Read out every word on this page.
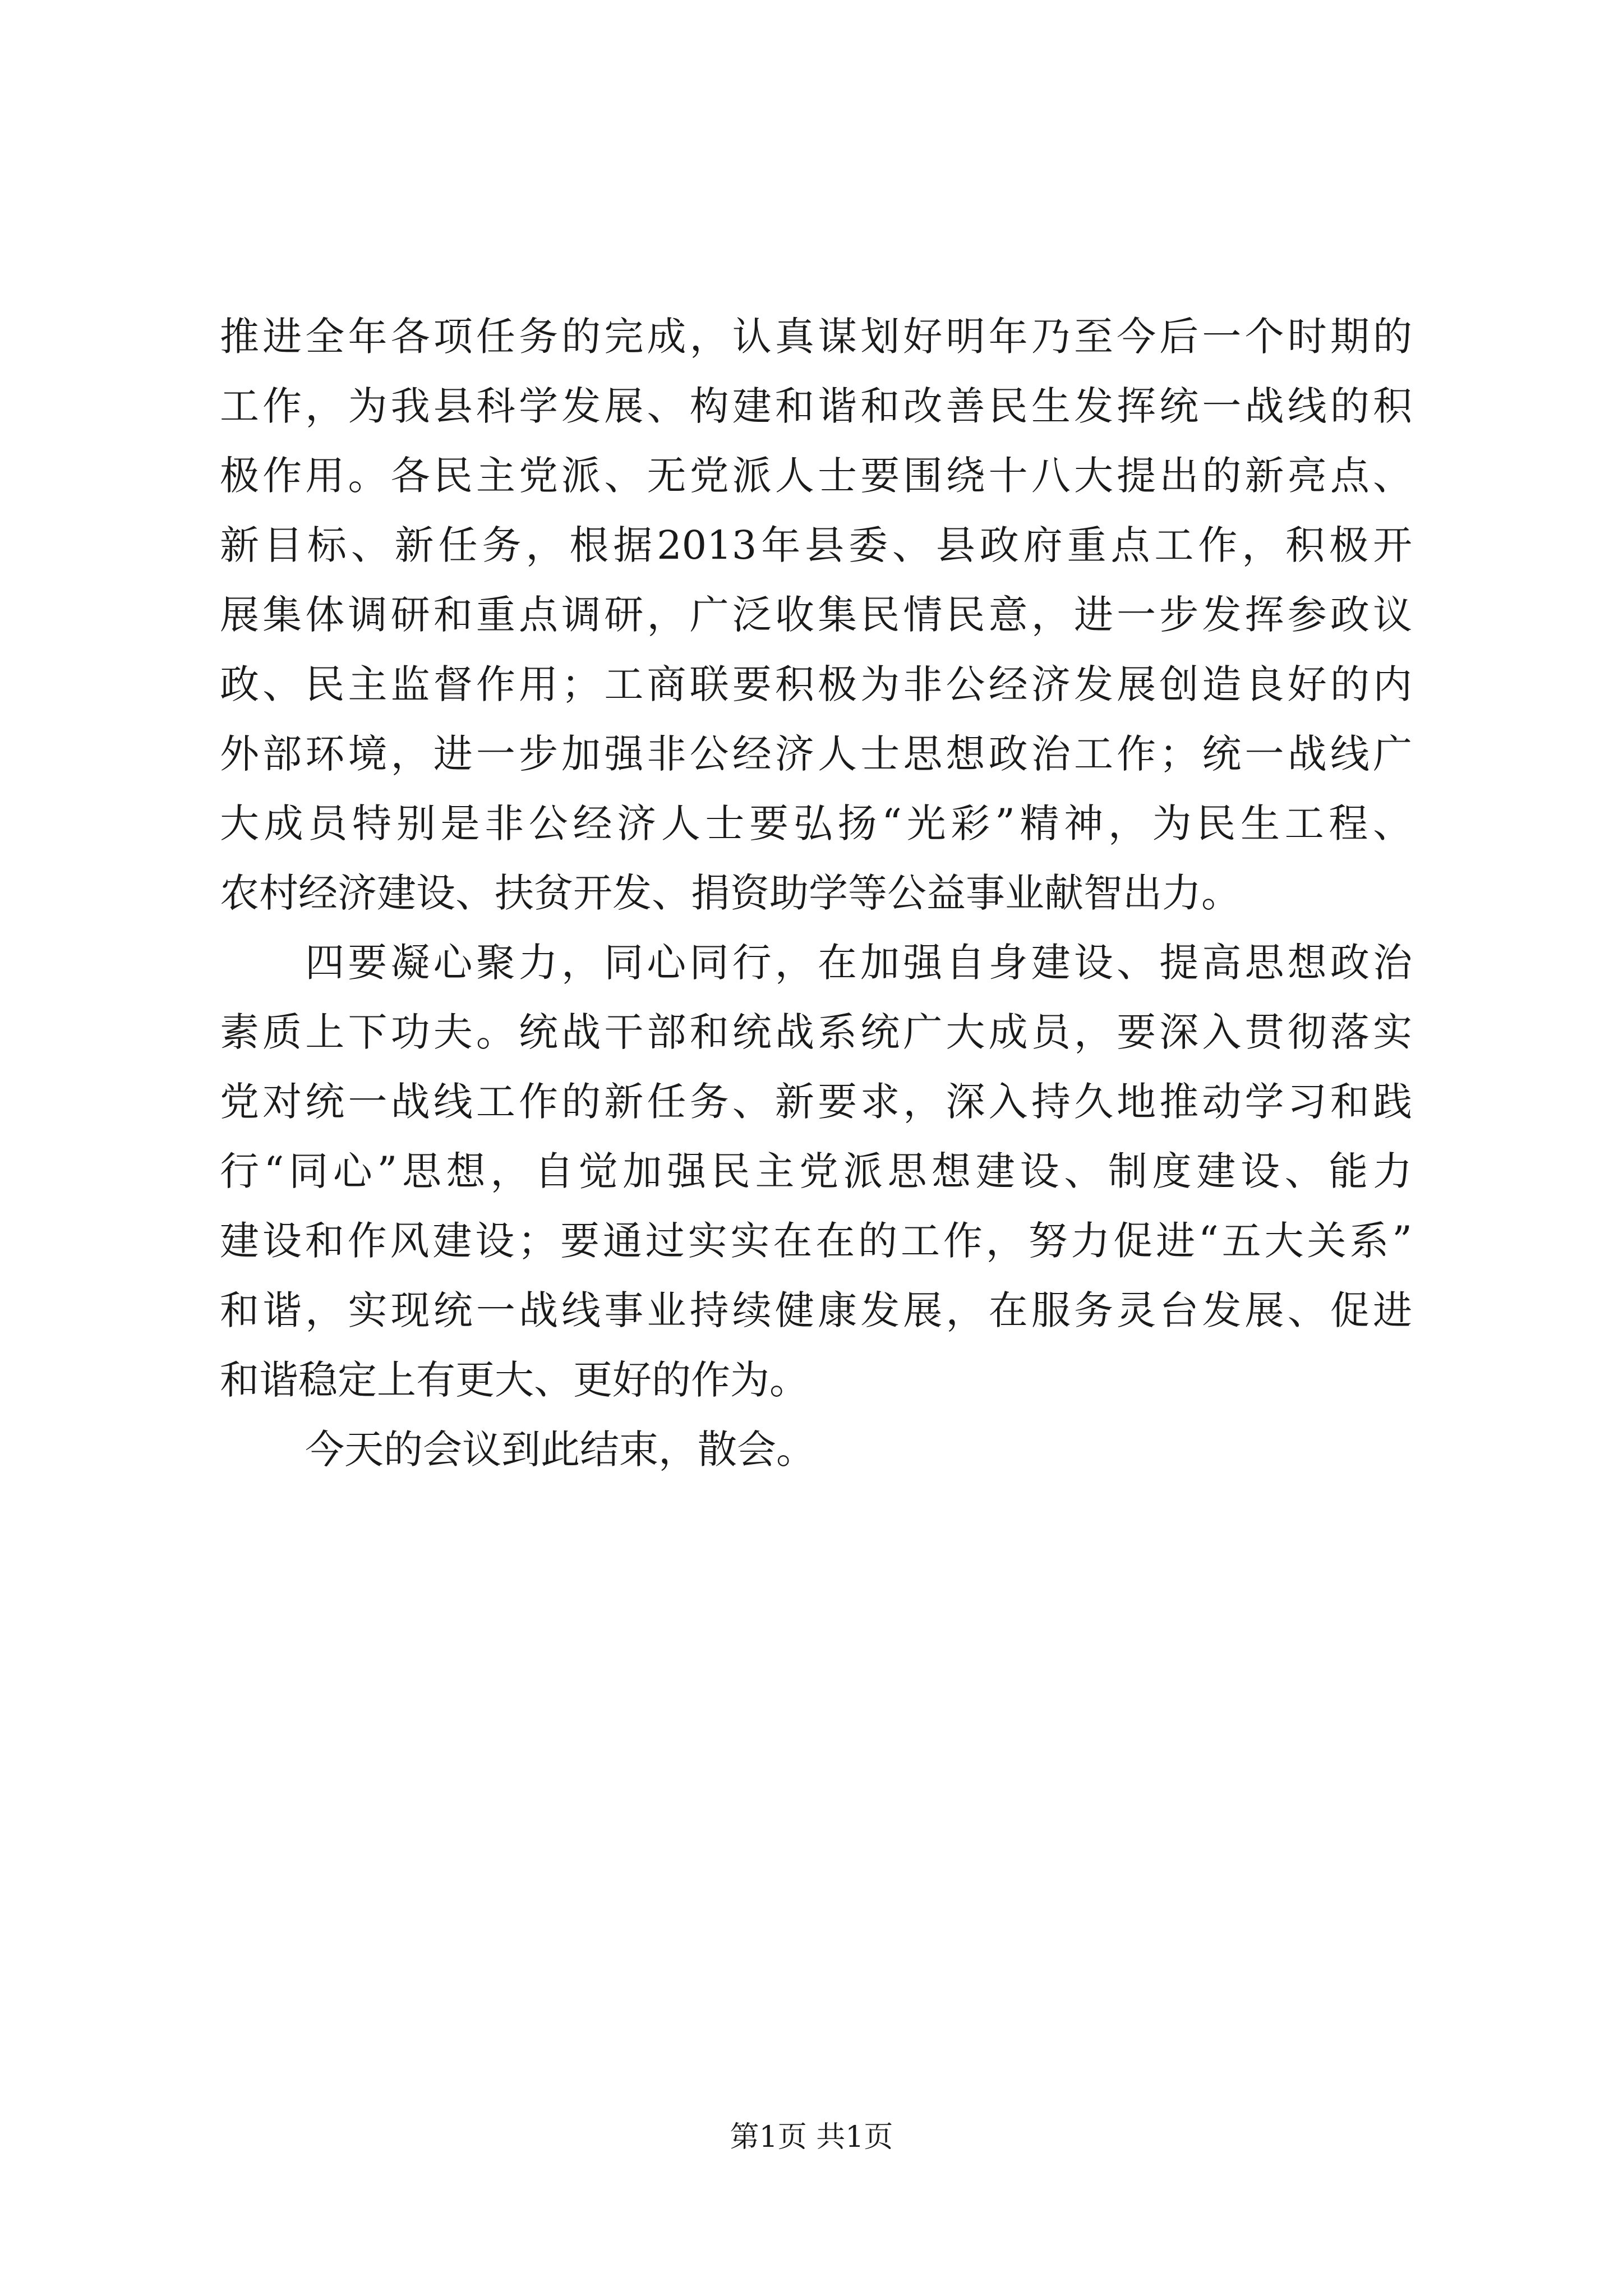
推进全年各项任务的完成，认真谋划好明年乃至今后一个时期的
工作，为我县科学发展、构建和谐和改善民生发挥统一战线的积
极作用。各民主党派、无党派人士要围绕十八大提出的新亮点、
新目标、新任务，根据2013年县委、县政府重点工作，积极开
展集体调研和重点调研，广泛收集民情民意，进一步发挥参政议
政、民主监督作用；工商联要积极为非公经济发展创造良好的内
外部环境，进一步加强非公经济人士思想政治工作；统一战线广
大成员特别是非公经济人士要弘扬“光彩”精神，为民生工程、
农村经济建设、扶贫开发、捐资助学等公益事业献智出力。
四要凝心聚力，同心同行，在加强自身建设、提高思想政治
素质上下功夫。统战干部和统战系统广大成员，要深入贯彻落实
党对统一战线工作的新任务、新要求，深入持久地推动学习和践
行“同心”思想，自觉加强民主党派思想建设、制度建设、能力
建设和作风建设；要通过实实在在的工作，努力促进“五大关系”
和谐，实现统一战线事业持续健康发展，在服务灵台发展、促进
和谐稳定上有更大、更好的作为。
今天的会议到此结束，散会。
第1页 共1页
